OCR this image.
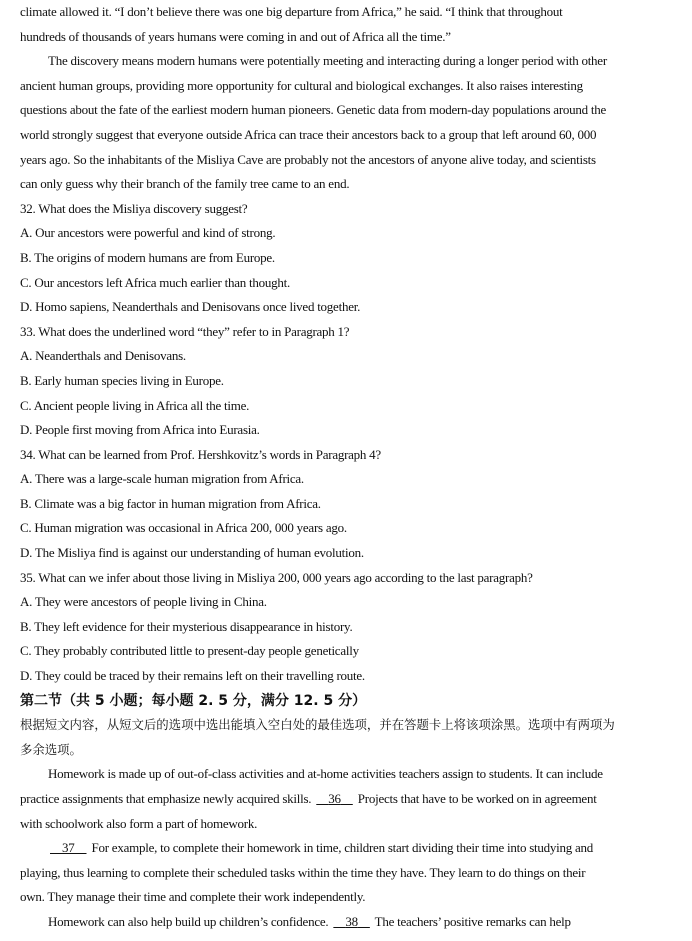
climate allowed it. “I don’t believe there was one big departure from Africa,” he said. “I think that throughout
hundreds of thousands of years humans were coming in and out of Africa all the time.”
The discovery means modern humans were potentially meeting and interacting during a longer period with other
ancient human groups, providing more opportunity for cultural and biological exchanges. It also raises interesting
questions about the fate of the earliest modern human pioneers. Genetic data from modern-day populations around the
world strongly suggest that everyone outside Africa can trace their ancestors back to a group that left around 60, 000
years ago. So the inhabitants of the Misliya Cave are probably not the ancestors of anyone alive today, and scientists
can only guess why their branch of the family tree came to an end.
32. What does the Misliya discovery suggest?
A. Our ancestors were powerful and kind of strong.
B. The origins of modern humans are from Europe.
C. Our ancestors left Africa much earlier than thought.
D. Homo sapiens, Neanderthals and Denisovans once lived together.
33. What does the underlined word “they” refer to in Paragraph 1?
A. Neanderthals and Denisovans.
B. Early human species living in Europe.
C. Ancient people living in Africa all the time.
D. People first moving from Africa into Eurasia.
34. What can be learned from Prof. Hershkovitz’s words in Paragraph 4?
A. There was a large-scale human migration from Africa.
B. Climate was a big factor in human migration from Africa.
C. Human migration was occasional in Africa 200, 000 years ago.
D. The Misliya find is against our understanding of human evolution.
35. What can we infer about those living in Misliya 200, 000 years ago according to the last paragraph?
A. They were ancestors of people living in China.
B. They left evidence for their mysterious disappearance in history.
C. They probably contributed little to present-day people genetically
D. They could be traced by their remains left on their travelling route.
第二节（共 5 小题；每小题 2. 5 分，满分 12. 5 分）
根据短文内容，从短文后的选项中选出能填入空白处的最佳选项，并在答题卡上将该项涂黑。选项中有两项为
多余选项。
Homework is made up of out-of-class activities and at-home activities teachers assign to students. It can include
practice assignments that emphasize newly acquired skills. 36 Projects that have to be worked on in agreement
with schoolwork also form a part of homework.
37 For example, to complete their homework in time, children start dividing their time into studying and
playing, thus learning to complete their scheduled tasks within the time they have. They learn to do things on their
own. They manage their time and complete their work independently.
Homework can also help build up children’s confidence. 38 The teachers’ positive remarks can help
